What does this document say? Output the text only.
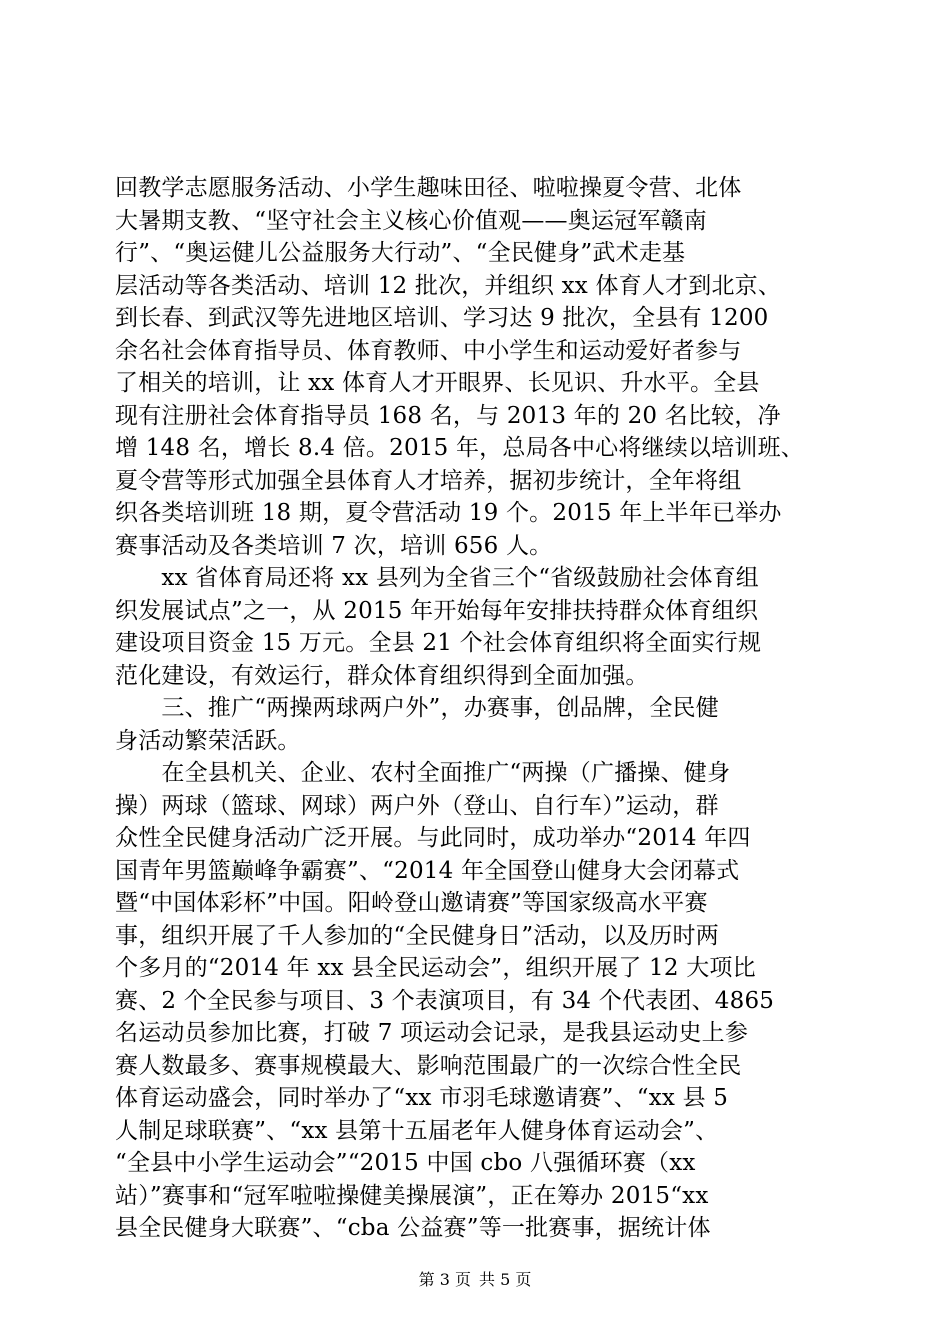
回教学志愿服务活动、小学生趣味田径、啦啦操夏令营、北体
大暑期支教、“坚守社会主义核心价值观——奥运冠军赣南
行”、“奥运健儿公益服务大行动”、“全民健身”武术走基
层活动等各类活动、培训 12 批次，并组织 xx 体育人才到北京、
到长春、到武汉等先进地区培训、学习达 9 批次，全县有 1200
余名社会体育指导员、体育教师、中小学生和运动爱好者参与
了相关的培训，让 xx 体育人才开眼界、长见识、升水平。全县
现有注册社会体育指导员 168 名，与 2013 年的 20 名比较，净
增 148 名，增长 8.4 倍。2015 年，总局各中心将继续以培训班、
夏令营等形式加强全县体育人才培养，据初步统计，全年将组
织各类培训班 18 期，夏令营活动 19 个。2015 年上半年已举办
赛事活动及各类培训 7 次，培训 656 人。
　　xx 省体育局还将 xx 县列为全省三个“省级鼓励社会体育组
织发展试点”之一，从 2015 年开始每年安排扶持群众体育组织
建设项目资金 15 万元。全县 21 个社会体育组织将全面实行规
范化建设，有效运行，群众体育组织得到全面加强。
　　三、推广“两操两球两户外”，办赛事，创品牌，全民健
身活动繁荣活跃。
　　在全县机关、企业、农村全面推广“两操（广播操、健身
操）两球（篮球、网球）两户外（登山、自行车）”运动，群
众性全民健身活动广泛开展。与此同时，成功举办“2014 年四
国青年男篮巅峰争霸赛”、“2014 年全国登山健身大会闭幕式
暨“中国体彩杯”中国。阳岭登山邀请赛”等国家级高水平赛
事，组织开展了千人参加的“全民健身日”活动，以及历时两
个多月的“2014 年 xx 县全民运动会”，组织开展了 12 大项比
赛、2 个全民参与项目、3 个表演项目，有 34 个代表团、4865
名运动员参加比赛，打破 7 项运动会记录，是我县运动史上参
赛人数最多、赛事规模最大、影响范围最广的一次综合性全民
体育运动盛会，同时举办了“xx 市羽毛球邀请赛”、“xx 县 5
人制足球联赛”、“xx 县第十五届老年人健身体育运动会”、
“全县中小学生运动会”“2015 中国 cbo 八强循环赛（xx
站）”赛事和“冠军啦啦操健美操展演”，正在筹办 2015“xx
县全民健身大联赛”、“cba 公益赛”等一批赛事，据统计体
第 3 页 共 5 页
